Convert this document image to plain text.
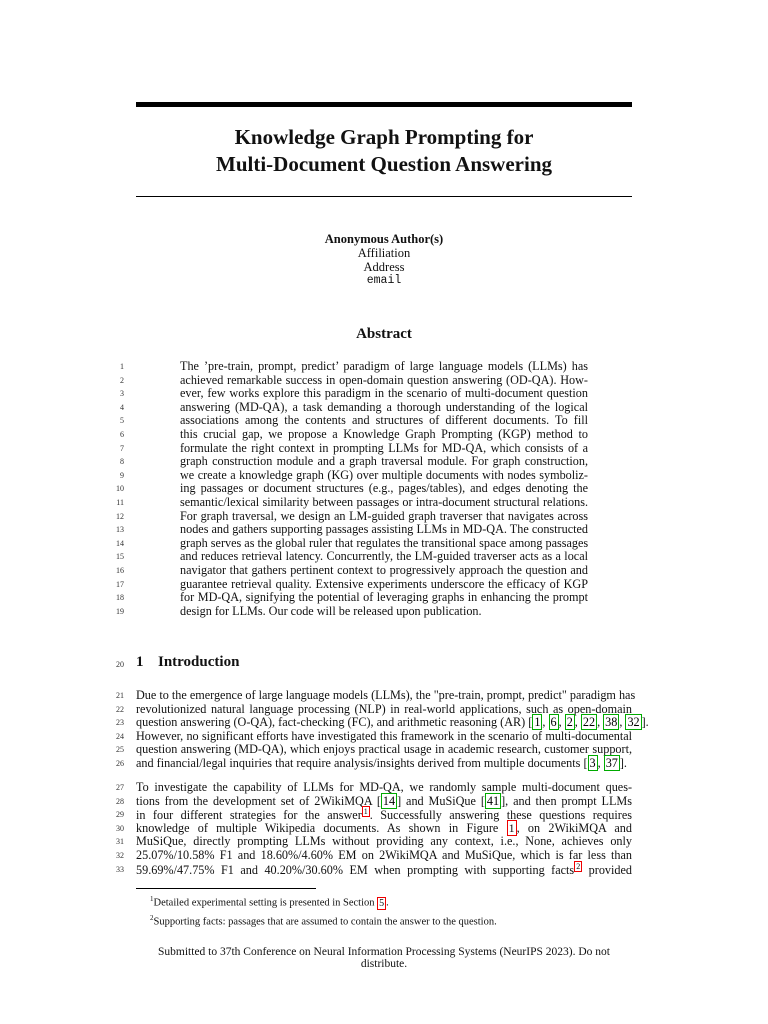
Knowledge Graph Prompting for
Multi-Document Question Answering
Anonymous Author(s)
Affiliation
Address
email
Abstract
1
2
3
4
5
6
7
8
9
10
11
12
13
14
15
16
17
18
19
The ’pre-train, prompt, predict’ paradigm of large language models (LLMs) has
achieved remarkable success in open-domain question answering (OD-QA). How-
ever, few works explore this paradigm in the scenario of multi-document question
answering (MD-QA), a task demanding a thorough understanding of the logical
associations among the contents and structures of different documents. To fill
this crucial gap, we propose a Knowledge Graph Prompting (KGP) method to
formulate the right context in prompting LLMs for MD-QA, which consists of a
graph construction module and a graph traversal module. For graph construction,
we create a knowledge graph (KG) over multiple documents with nodes symboliz-
ing passages or document structures (e.g., pages/tables), and edges denoting the
semantic/lexical similarity between passages or intra-document structural relations.
For graph traversal, we design an LM-guided graph traverser that navigates across
nodes and gathers supporting passages assisting LLMs in MD-QA. The constructed
graph serves as the global ruler that regulates the transitional space among passages
and reduces retrieval latency. Concurrently, the LM-guided traverser acts as a local
navigator that gathers pertinent context to progressively approach the question and
guarantee retrieval quality. Extensive experiments underscore the efficacy of KGP
for MD-QA, signifying the potential of leveraging graphs in enhancing the prompt
design for LLMs. Our code will be released upon publication.
20 1 Introduction
21
22
23
24
25
26
Due to the emergence of large language models (LLMs), the "pre-train, prompt, predict" paradigm has
revolutionized natural language processing (NLP) in real-world applications, such as open-domain
question answering (O-QA), fact-checking (FC), and arithmetic reasoning (AR) [ 1 , 6 , 2 , 22 , 38 , 32 ].
However, no significant efforts have investigated this framework in the scenario of multi-documental
question answering (MD-QA), which enjoys practical usage in academic research, customer support,
and financial/legal inquiries that require analysis/insights derived from multiple documents [ 3 , 37 ].
27
28
29
30
31
32
33
To investigate the capability of LLMs for MD-QA, we randomly sample multi-document ques-
tions from the development set of 2WikiMQA [ 14 ] and MuSiQue [ 41 ], and then prompt LLMs
in four different strategies for the answer $^1$ . Successfully answering these questions requires
knowledge of multiple Wikipedia documents. As shown in Figure 1 , on 2WikiMQA and
MuSiQue, directly prompting LLMs without providing any context, i.e., None, achieves only
25.07%/10.58% F1 and 18.60%/4.60% EM on 2WikiMQA and MuSiQue, which is far less than
59.69%/47.75% F1 and 40.20%/30.60% EM when prompting with supporting facts $^2$ provided
$^1$Detailed experimental setting is presented in Section 5 .
$^2$Supporting facts: passages that are assumed to contain the answer to the question.
Submitted to 37th Conference on Neural Information Processing Systems (NeurIPS 2023). Do not distribute.
